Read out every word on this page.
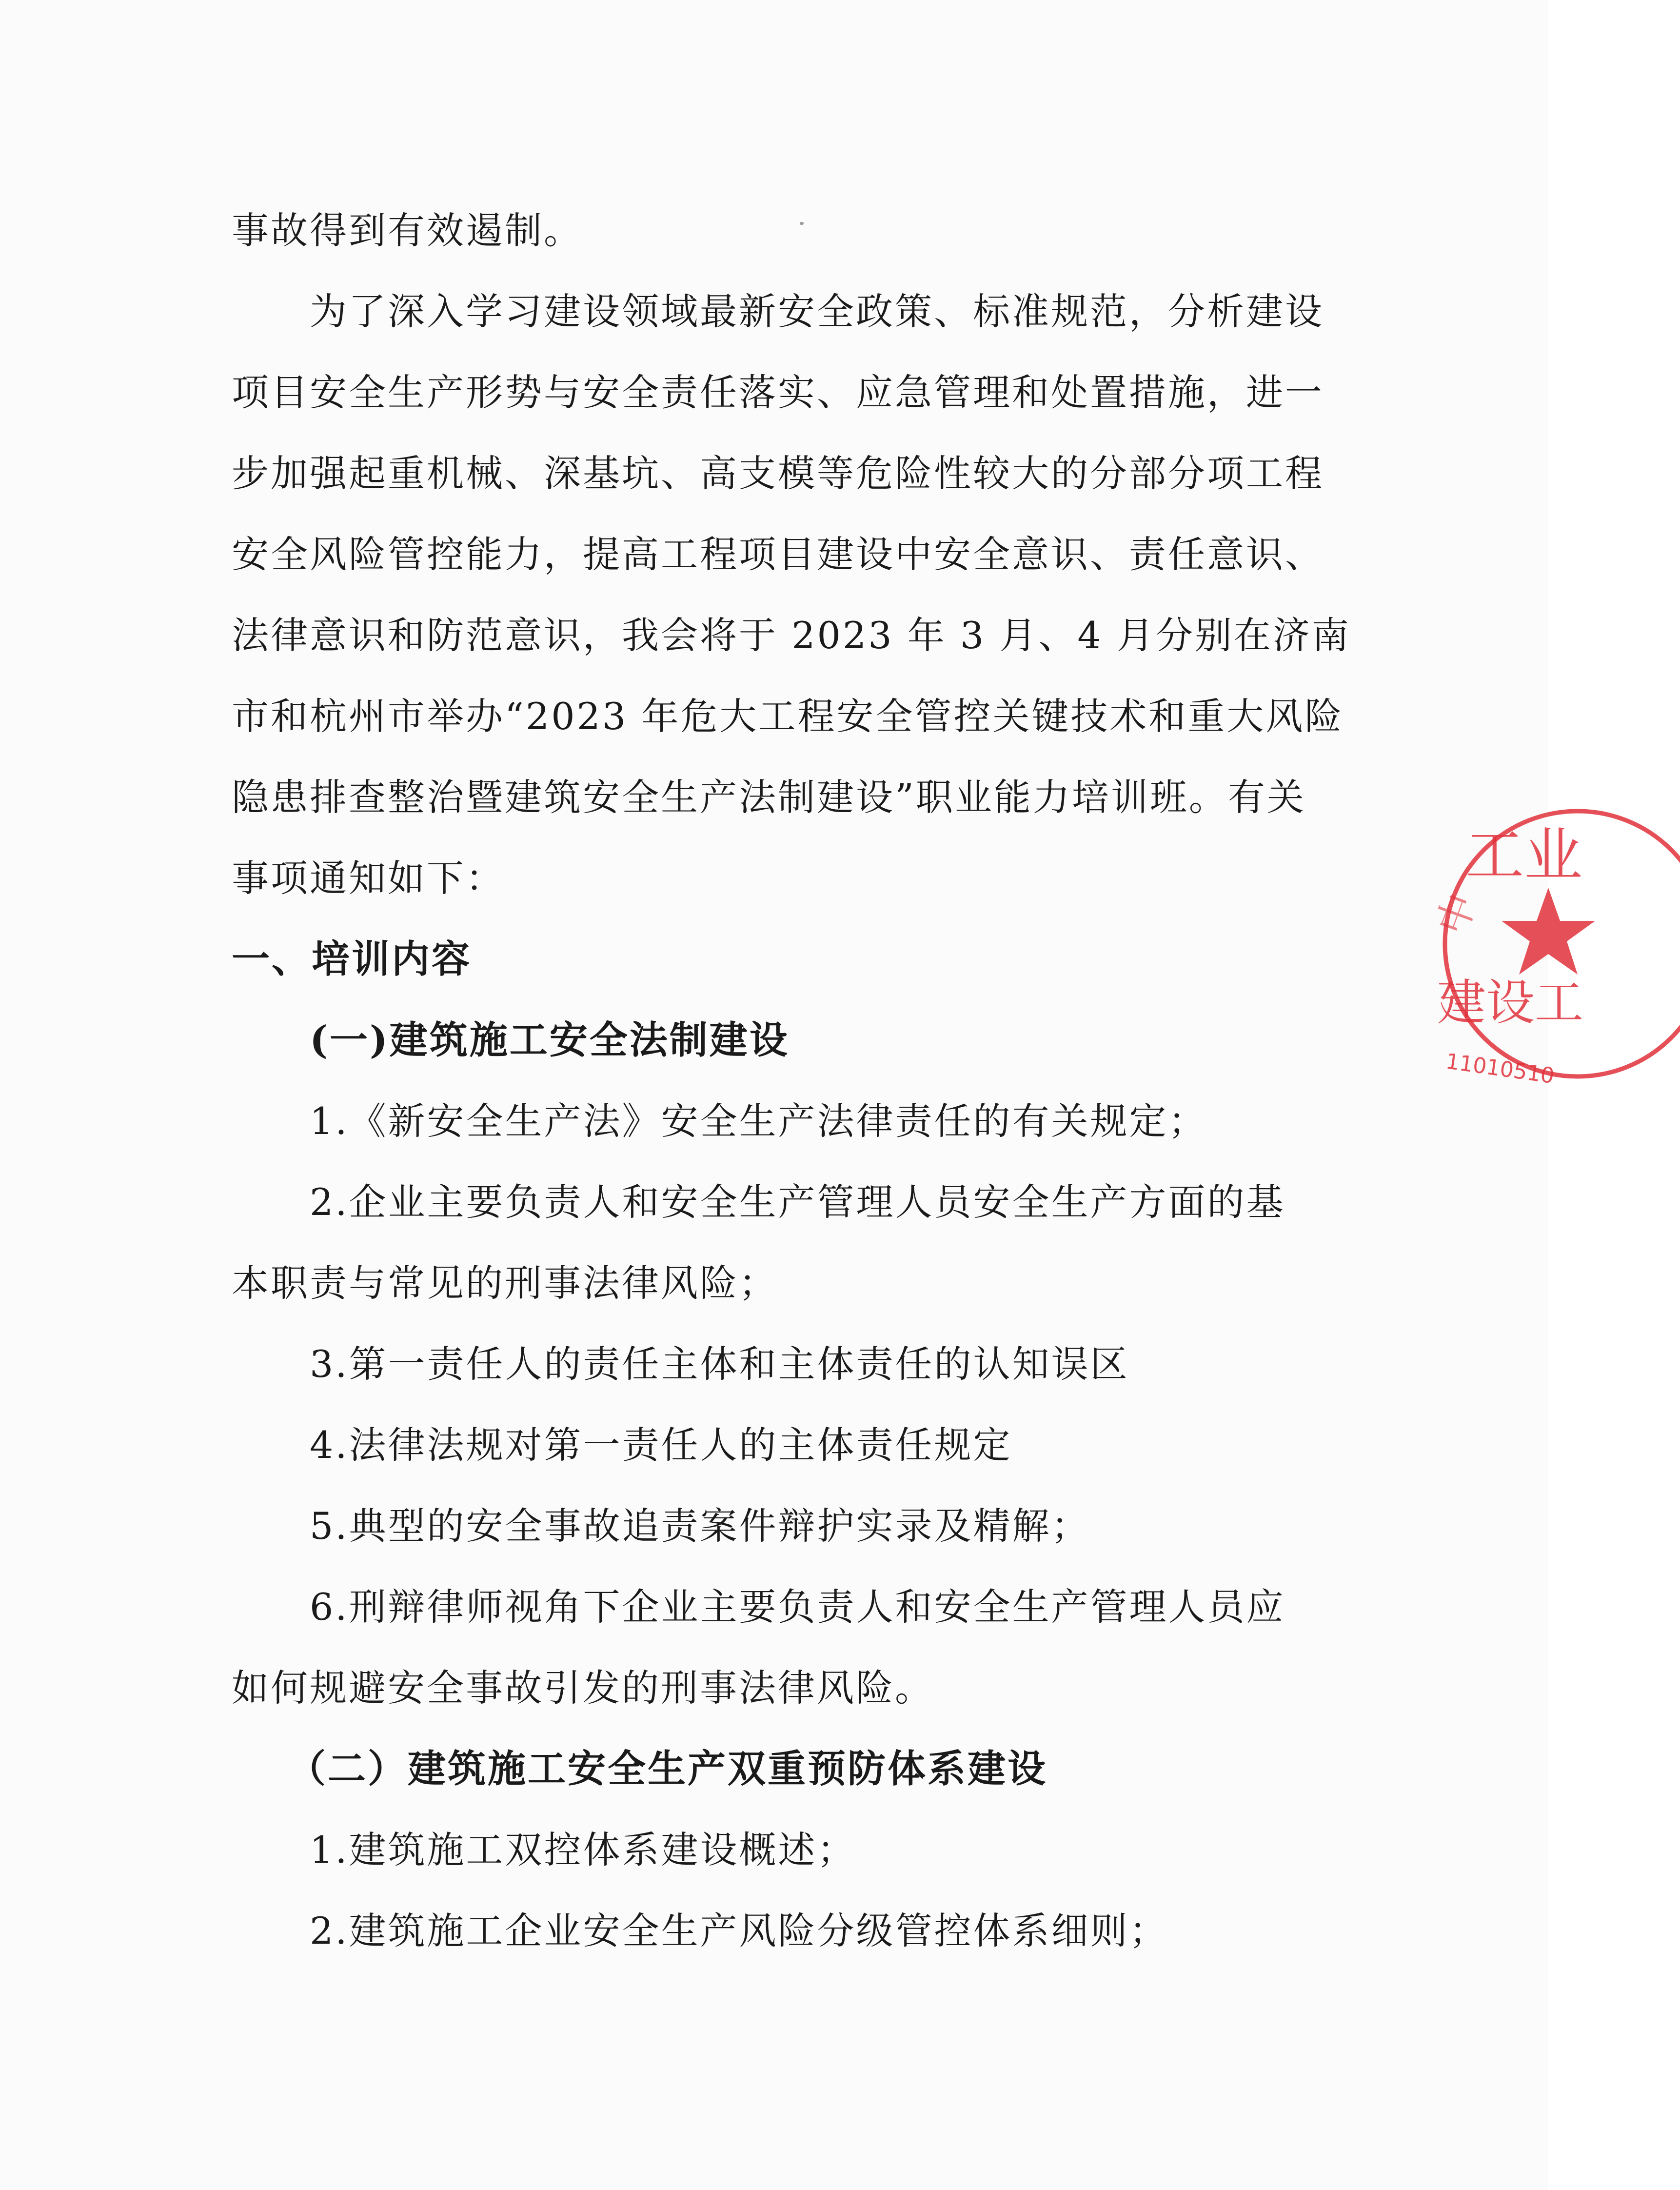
事故得到有效遏制。

为了深入学习建设领域最新安全政策、标准规范，分析建设

项目安全生产形势与安全责任落实、应急管理和处置措施，进一

步加强起重机械、深基坑、高支模等危险性较大的分部分项工程

安全风险管控能力，提高工程项目建设中安全意识、责任意识、

法律意识和防范意识，我会将于 2023 年 3 月、4 月分别在济南

市和杭州市举办“2023 年危大工程安全管控关键技术和重大风险

隐患排查整治暨建筑安全生产法制建设”职业能力培训班。有关

事项通知如下：

一、培训内容

(一)建筑施工安全法制建设

1.《新安全生产法》安全生产法律责任的有关规定；

2.企业主要负责人和安全生产管理人员安全生产方面的基

本职责与常见的刑事法律风险；

3.第一责任人的责任主体和主体责任的认知误区

4.法律法规对第一责任人的主体责任规定

5.典型的安全事故追责案件辩护实录及精解；

6.刑辩律师视角下企业主要负责人和安全生产管理人员应

如何规避安全事故引发的刑事法律风险。

（二）建筑施工安全生产双重预防体系建设

1.建筑施工双控体系建设概述；

2.建筑施工企业安全生产风险分级管控体系细则；

工业
中
建设工
11010510
